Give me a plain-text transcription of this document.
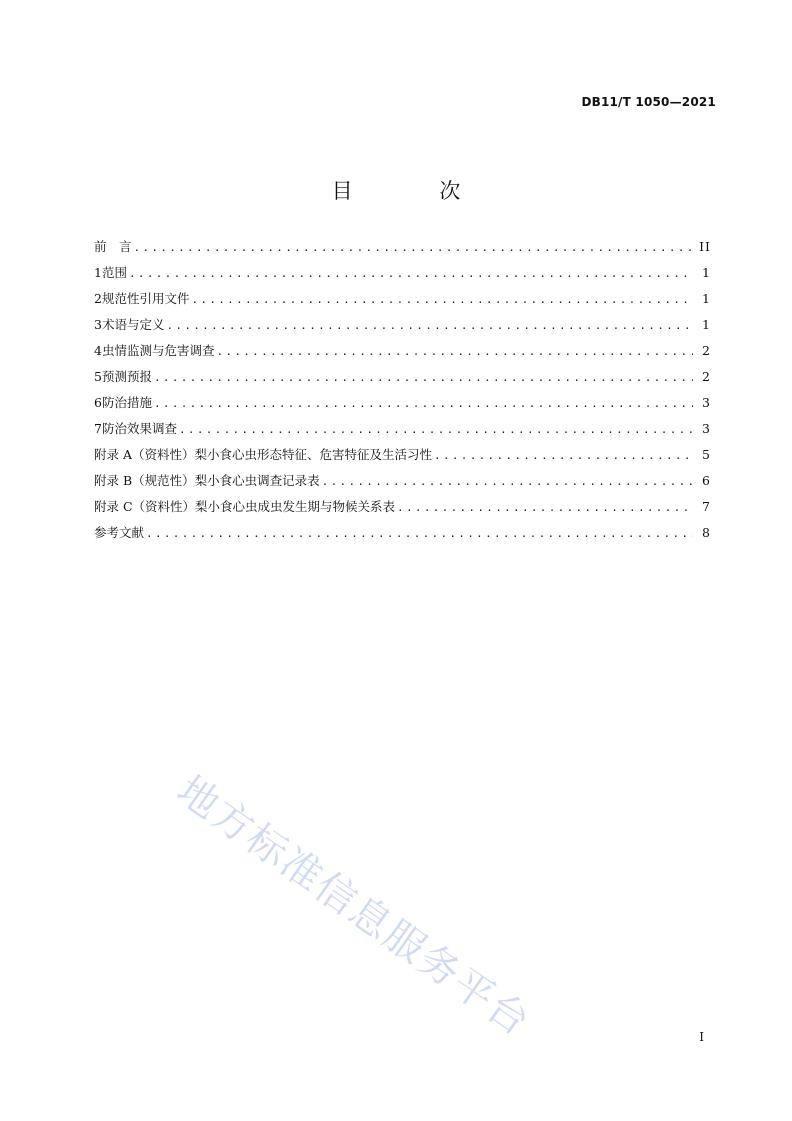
DB11/T 1050—2021
目 次
前　言 .....	II
1 范围 .....	1
2 规范性引用文件 .....	1
3 术语与定义 .....	1
4 虫情监测与危害调查 .....	2
5 预测预报 .....	2
6 防治措施 .....	3
7 防治效果调查 .....	3
附录 A（资料性）梨小食心虫形态特征、危害特征及生活习性 .....	5
附录 B（规范性）梨小食心虫调查记录表 .....	6
附录 C（资料性）梨小食心虫成虫发生期与物候关系表 .....	7
参考文献 .....	8
地方标准信息服务平台	I
